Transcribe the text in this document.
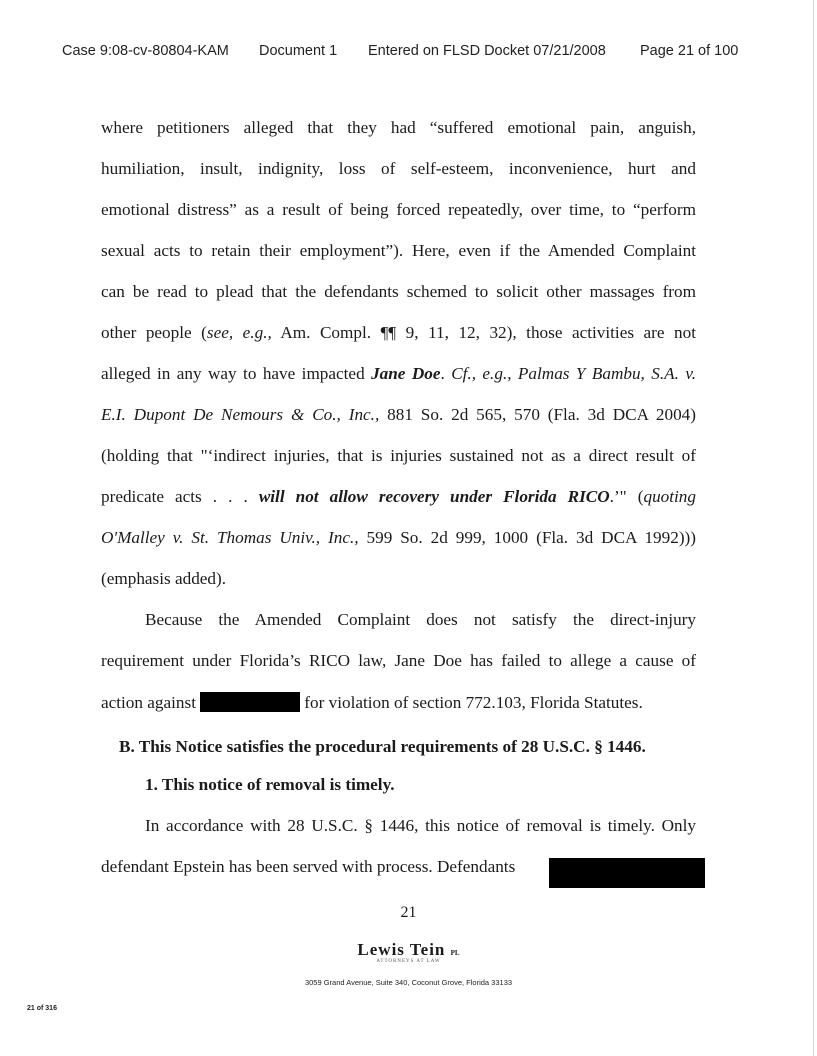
Case 9:08-cv-80804-KAM Document 1 Entered on FLSD Docket 07/21/2008 Page 21 of 100
where petitioners alleged that they had “suffered emotional pain, anguish,
humiliation, insult, indignity, loss of self-esteem, inconvenience, hurt and
emotional distress” as a result of being forced repeatedly, over time, to “perform
sexual acts to retain their employment”). Here, even if the Amended Complaint
can be read to plead that the defendants schemed to solicit other massages from
other people (see, e.g., Am. Compl. ¶¶ 9, 11, 12, 32), those activities are not
alleged in any way to have impacted Jane Doe. Cf., e.g., Palmas Y Bambu, S.A. v.
E.I. Dupont De Nemours & Co., Inc., 881 So. 2d 565, 570 (Fla. 3d DCA 2004)
(holding that "‘indirect injuries, that is injuries sustained not as a direct result of
predicate acts . . . will not allow recovery under Florida RICO.’" (quoting
O'Malley v. St. Thomas Univ., Inc., 599 So. 2d 999, 1000 (Fla. 3d DCA 1992)))
(emphasis added).
Because the Amended Complaint does not satisfy the direct-injury
requirement under Florida’s RICO law, Jane Doe has failed to allege a cause of
action against	for violation of section 772.103, Florida Statutes.
B. This Notice satisfies the procedural requirements of 28 U.S.C. § 1446.
1. This notice of removal is timely.
In accordance with 28 U.S.C. § 1446, this notice of removal is timely. Only
defendant Epstein has been served with process. Defendants
21
Lewis Tein PL
ATTORNEYS AT LAW
3059 Grand Avenue, Suite 340, Coconut Grove, Florida 33133
21 of 316
